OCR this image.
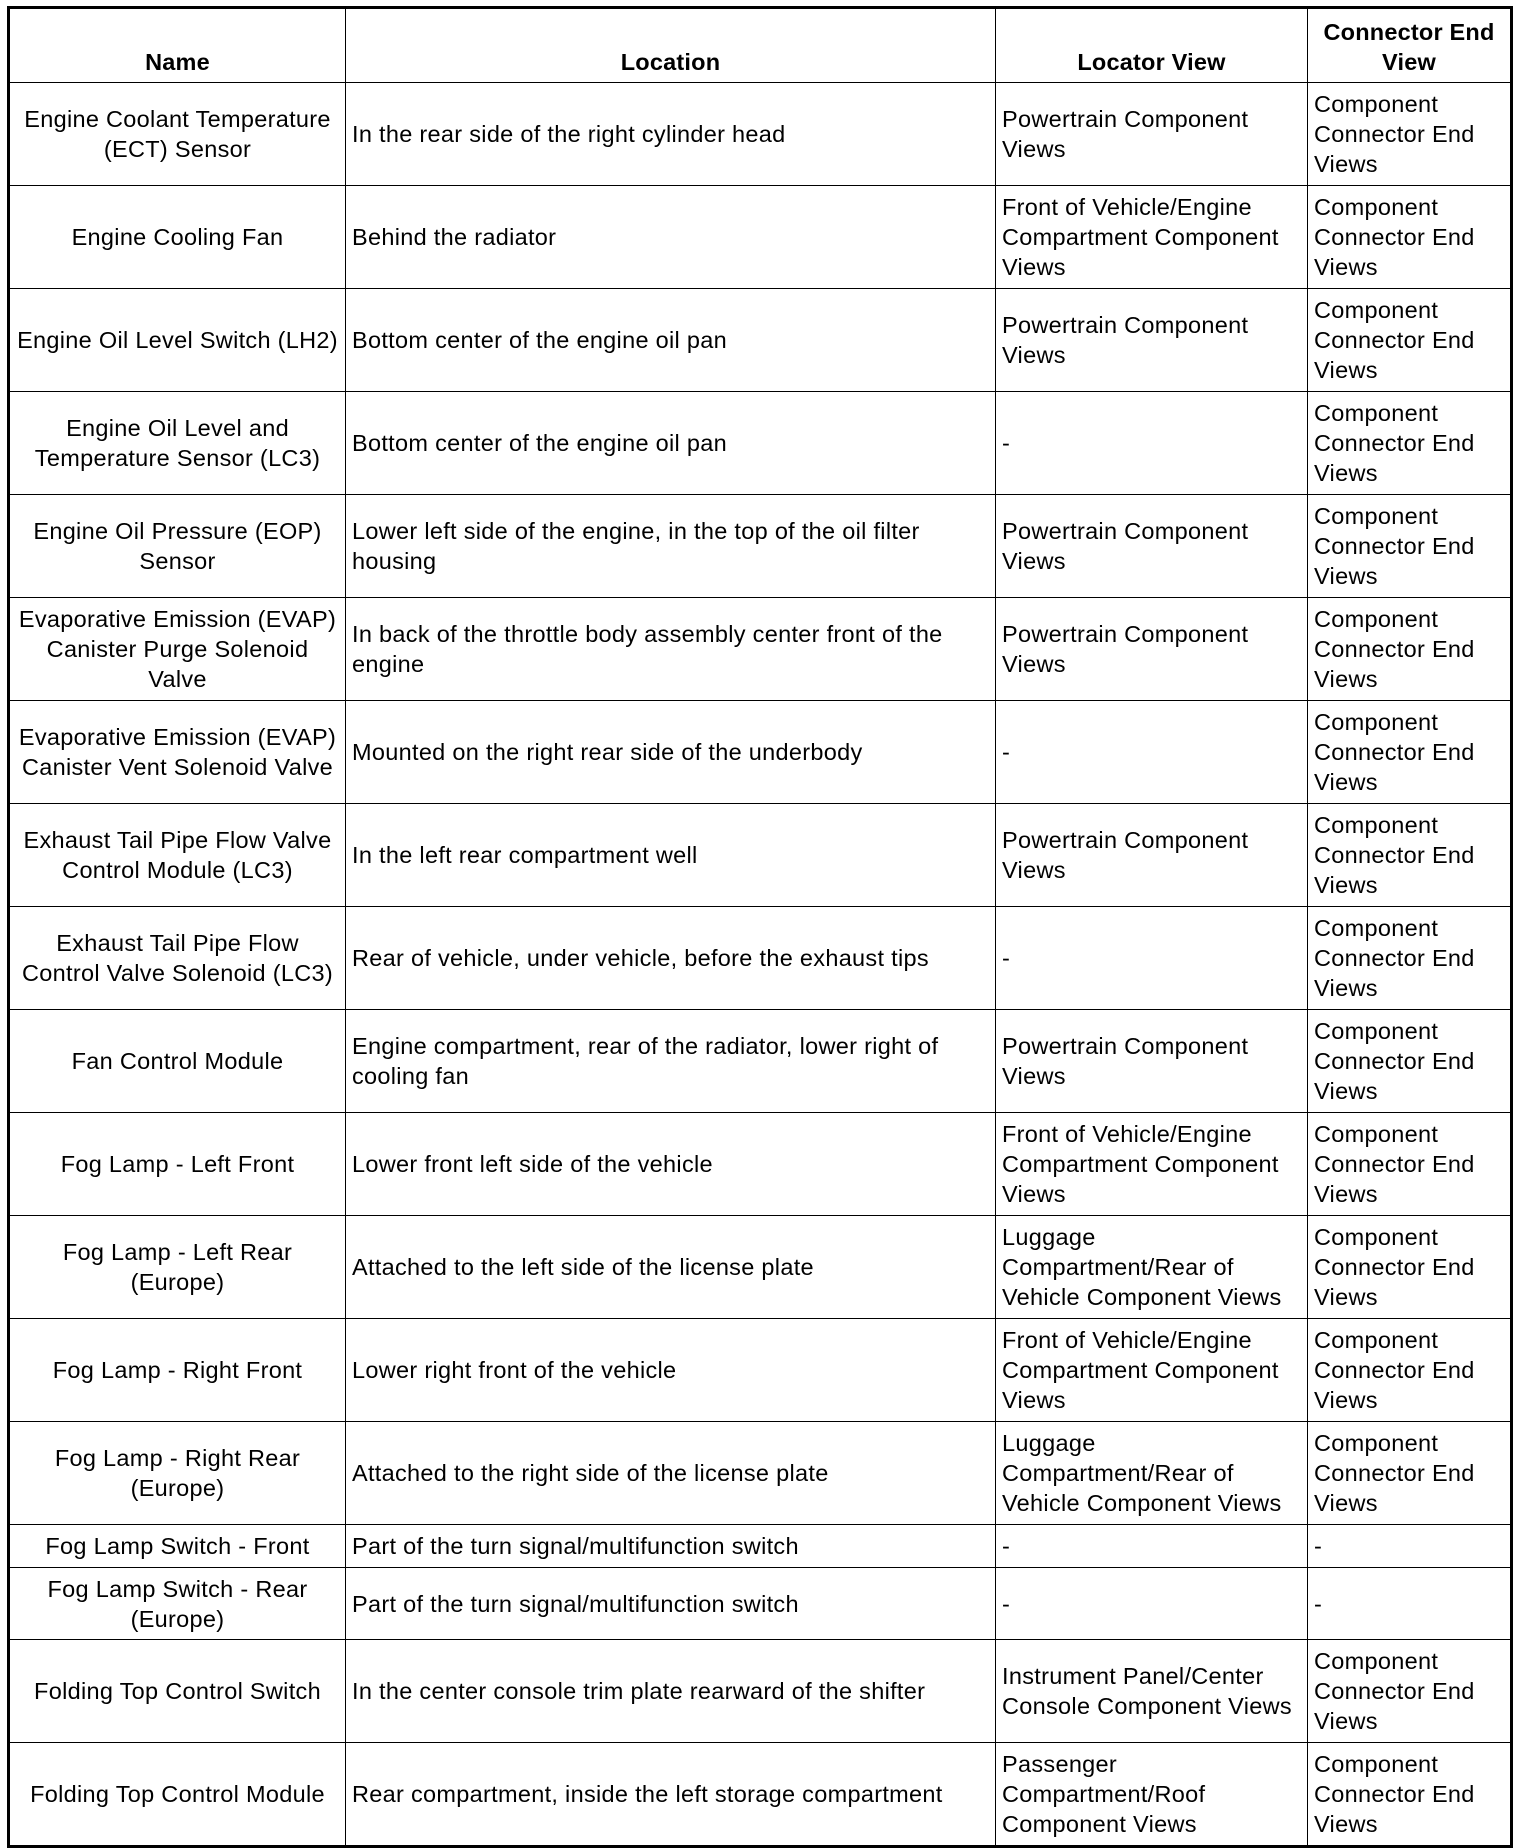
Name	Location	Locator View	Connector End View
Engine Coolant Temperature (ECT) Sensor	In the rear side of the right cylinder head	Powertrain Component Views	Component Connector End Views
Engine Cooling Fan	Behind the radiator	Front of Vehicle/Engine Compartment Component Views	Component Connector End Views
Engine Oil Level Switch (LH2)	Bottom center of the engine oil pan	Powertrain Component Views	Component Connector End Views
Engine Oil Level and Temperature Sensor (LC3)	Bottom center of the engine oil pan	-	Component Connector End Views
Engine Oil Pressure (EOP) Sensor	Lower left side of the engine, in the top of the oil filter housing	Powertrain Component Views	Component Connector End Views
Evaporative Emission (EVAP) Canister Purge Solenoid Valve	In back of the throttle body assembly center front of the engine	Powertrain Component Views	Component Connector End Views
Evaporative Emission (EVAP) Canister Vent Solenoid Valve	Mounted on the right rear side of the underbody	-	Component Connector End Views
Exhaust Tail Pipe Flow Valve Control Module (LC3)	In the left rear compartment well	Powertrain Component Views	Component Connector End Views
Exhaust Tail Pipe Flow Control Valve Solenoid (LC3)	Rear of vehicle, under vehicle, before the exhaust tips	-	Component Connector End Views
Fan Control Module	Engine compartment, rear of the radiator, lower right of cooling fan	Powertrain Component Views	Component Connector End Views
Fog Lamp - Left Front	Lower front left side of the vehicle	Front of Vehicle/Engine Compartment Component Views	Component Connector End Views
Fog Lamp - Left Rear (Europe)	Attached to the left side of the license plate	Luggage Compartment/Rear of Vehicle Component Views	Component Connector End Views
Fog Lamp - Right Front	Lower right front of the vehicle	Front of Vehicle/Engine Compartment Component Views	Component Connector End Views
Fog Lamp - Right Rear (Europe)	Attached to the right side of the license plate	Luggage Compartment/Rear of Vehicle Component Views	Component Connector End Views
Fog Lamp Switch - Front	Part of the turn signal/multifunction switch	-	-
Fog Lamp Switch - Rear (Europe)	Part of the turn signal/multifunction switch	-	-
Folding Top Control Switch	In the center console trim plate rearward of the shifter	Instrument Panel/Center Console Component Views	Component Connector End Views
Folding Top Control Module	Rear compartment, inside the left storage compartment	Passenger Compartment/Roof Component Views	Component Connector End Views
